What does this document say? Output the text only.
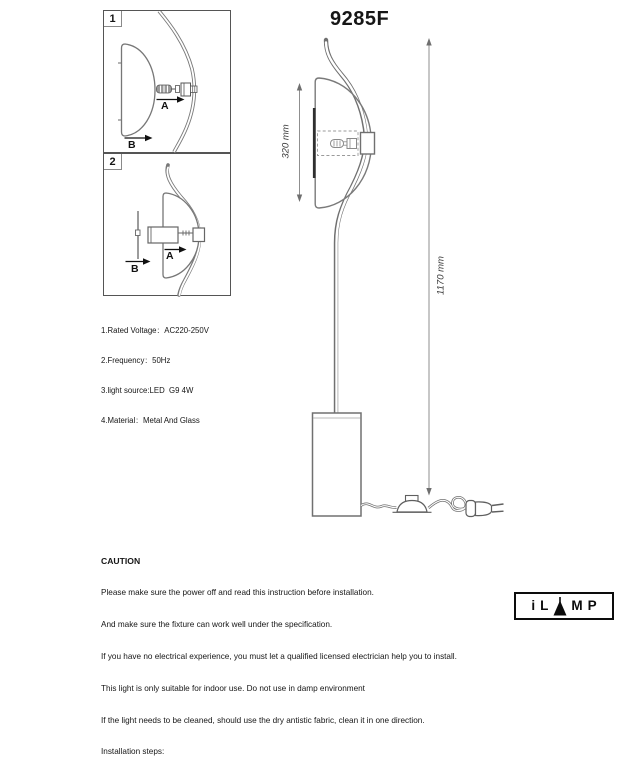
320 mm
1170 mm
9285F
1
A
B
2
A
B

1.Rated Voltage：AC220-250V

2.Frequency：50Hz

3.light source:LED  G9 4W

4.Material：Metal And Glass

CAUTION

Please make sure the power off and read this instruction before installation.

And make sure the fixture can work well under the specification.

If you have no electrical experience, you must let a qualified licensed electrician help you to install.

This light is only suitable for indoor use. Do not use in damp environment

If the light needs to be cleaned, should use the dry antistic fabric, clean it in one direction.

Installation steps:

i L M P
